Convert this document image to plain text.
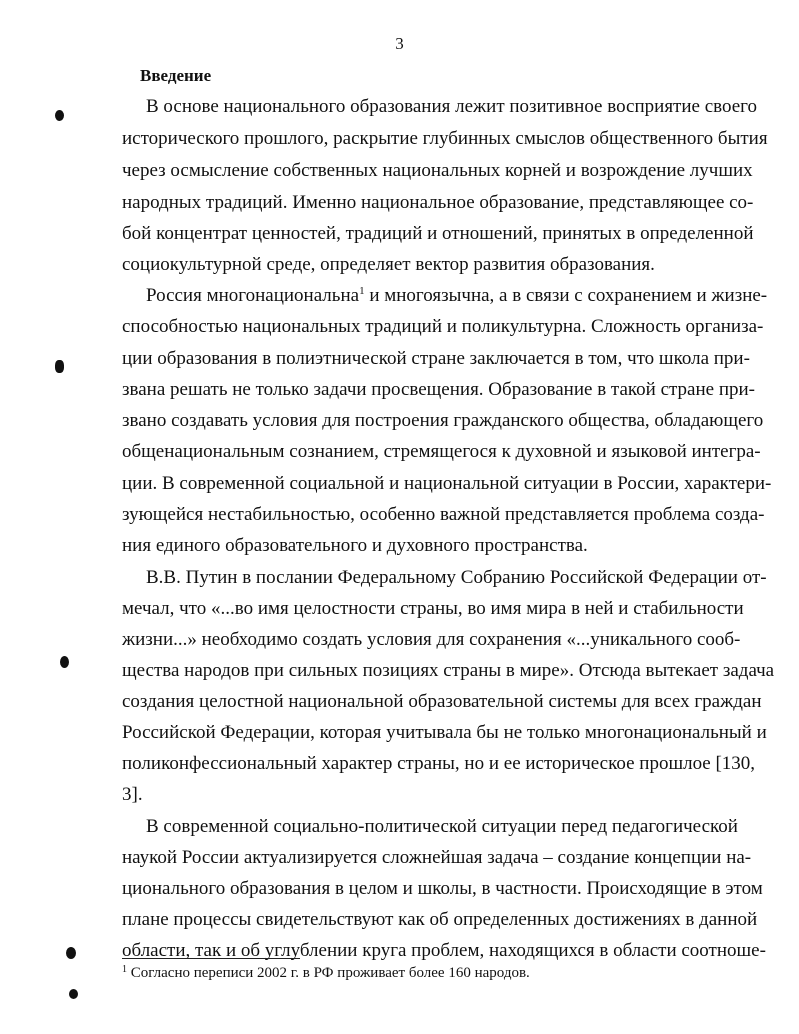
3
Введение
В основе национального образования лежит позитивное восприятие своего
исторического прошлого, раскрытие глубинных смыслов общественного бытия
через осмысление собственных национальных корней и возрождение лучших
народных традиций. Именно национальное образование, представляющее со-
бой концентрат ценностей, традиций и отношений, принятых в определенной
социокультурной среде, определяет вектор развития образования.
Россия многонациональна$^1$ и многоязычна, а в связи с сохранением и жизне-
способностью национальных традиций и поликультурна. Сложность организа-
ции образования в полиэтнической стране заключается в том, что школа при-
звана решать не только задачи просвещения. Образование в такой стране при-
звано создавать условия для построения гражданского общества, обладающего
общенациональным сознанием, стремящегося к духовной и языковой интегра-
ции. В современной социальной и национальной ситуации в России, характери-
зующейся нестабильностью, особенно важной представляется проблема созда-
ния единого образовательного и духовного пространства.
В.В. Путин в послании Федеральному Собранию Российской Федерации от-
мечал, что «...во имя целостности страны, во имя мира в ней и стабильности
жизни...» необходимо создать условия для сохранения «...уникального сооб-
щества народов при сильных позициях страны в мире». Отсюда вытекает задача
создания целостной национальной образовательной системы для всех граждан
Российской Федерации, которая учитывала бы не только многонациональный и
поликонфессиональный характер страны, но и ее историческое прошлое [130,
3].
В современной социально-политической ситуации перед педагогической
наукой России актуализируется сложнейшая задача – создание концепции на-
ционального образования в целом и школы, в частности. Происходящие в этом
плане процессы свидетельствуют как об определенных достижениях в данной
области, так и об углублении круга проблем, находящихся в области соотноше-
$^1$ Согласно переписи 2002 г. в РФ проживает более 160 народов.
